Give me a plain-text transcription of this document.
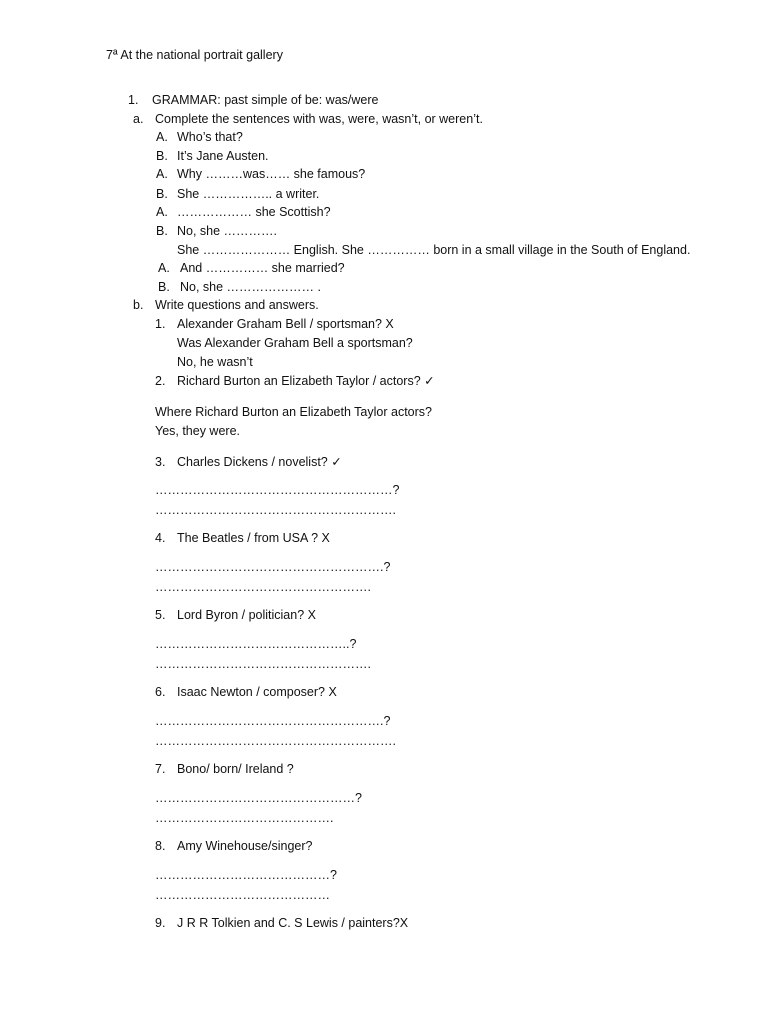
7ª At the national portrait gallery
1. GRAMMAR: past simple of be: was/were
a. Complete the sentences with was, were, wasn’t, or weren’t.
A. Who’s that?
B. It’s Jane Austen.
A. Why ………was…… she famous?
B. She …………….. a writer.
A. ……………… she Scottish?
B. No, she ………….
She ………………… English. She …………… born in a small village in the South of England.
A. And …………… she married?
B. No, she ………………… .
b. Write questions and answers.
1. Alexander Graham Bell / sportsman? X
Was Alexander Graham Bell a sportsman?
No, he wasn’t
2. Richard Burton an Elizabeth Taylor / actors? ✓
Where Richard Burton an Elizabeth Taylor actors?
Yes, they were.
3. Charles Dickens / novelist? ✓
…………………………………………………?
………………………………………………….
4. The Beatles / from USA ? X
……………………………………………….?
…………………………………………….
5. Lord Byron / politician? X
………………………………………..?
…………………………………………….
6. Isaac Newton / composer? X
……………………………………………….?
………………………………………………….
7. Bono/ born/ Ireland ?
…………………………………………?
…………………………………….
8. Amy Winehouse/singer?
……………………………………?
……………………………………
9. J R R Tolkien and C. S Lewis / painters?X
